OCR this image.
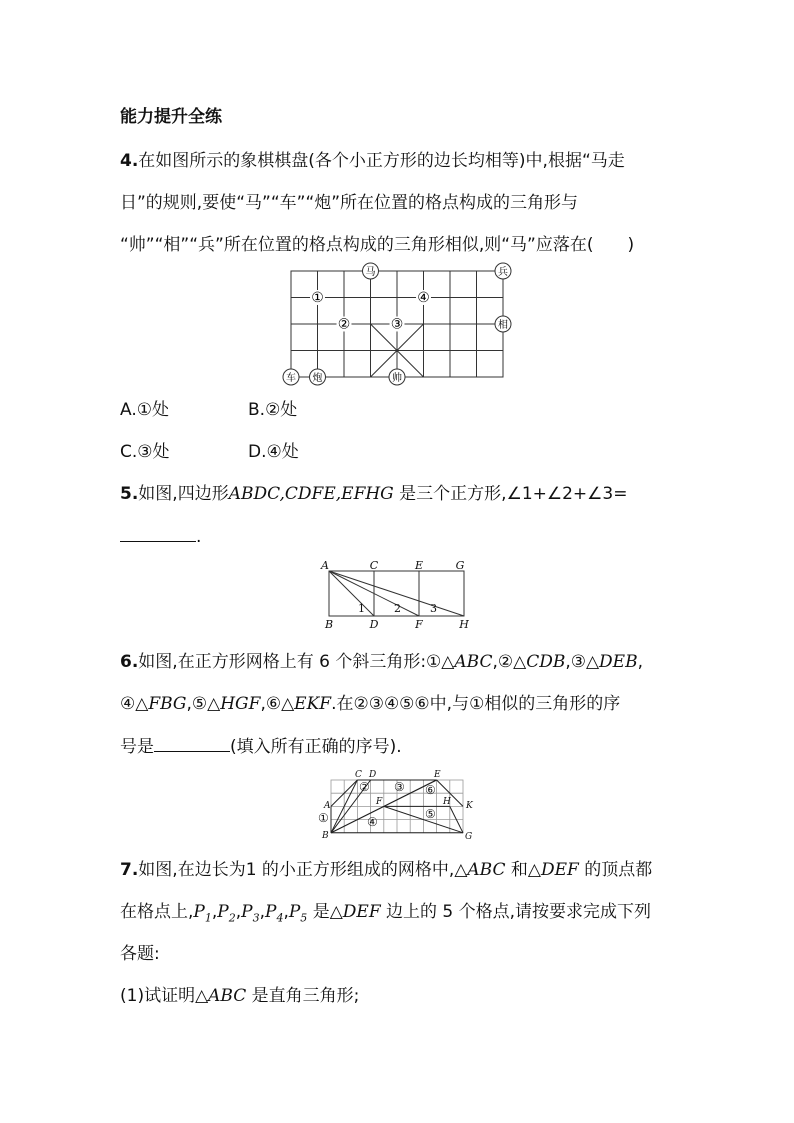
能力提升全练
4.在如图所示的象棋棋盘(各个小正方形的边长均相等)中,根据“马走
日”的规则,要使“马”“车”“炮”所在位置的格点构成的三角形与
“帅”“相”“兵”所在位置的格点构成的三角形相似,则“马”应落在(　　)
马	兵
相
车 炮	帅
①
②	③
④
A.①处	B.②处
C.③处	D.④处
5.如图,四边形ABDC,CDFE,EFHG 是三个正方形,∠1+∠2+∠3=
.
A	C	E	G
B	D	F	H
1	2	3
6.如图,在正方形网格上有 6 个斜三角形:①△ABC,②△CDB,③△DEB,
④△FBG,⑤△HGF,⑥△EKF.在②③④⑤⑥中,与①相似的三角形的序
号是	(填入所有正确的序号).
A
B
C D	E
F
G
H K
①
② ③
④
⑤
⑥
7.如图,在边长为1 的小正方形组成的网格中,△ABC 和△DEF 的顶点都
在格点上$,P_1,P_2,P_3,P_4,P_5$ 是△DEF 边上的 5 个格点,请按要求完成下列
各题:
(1)试证明△ABC 是直角三角形;
